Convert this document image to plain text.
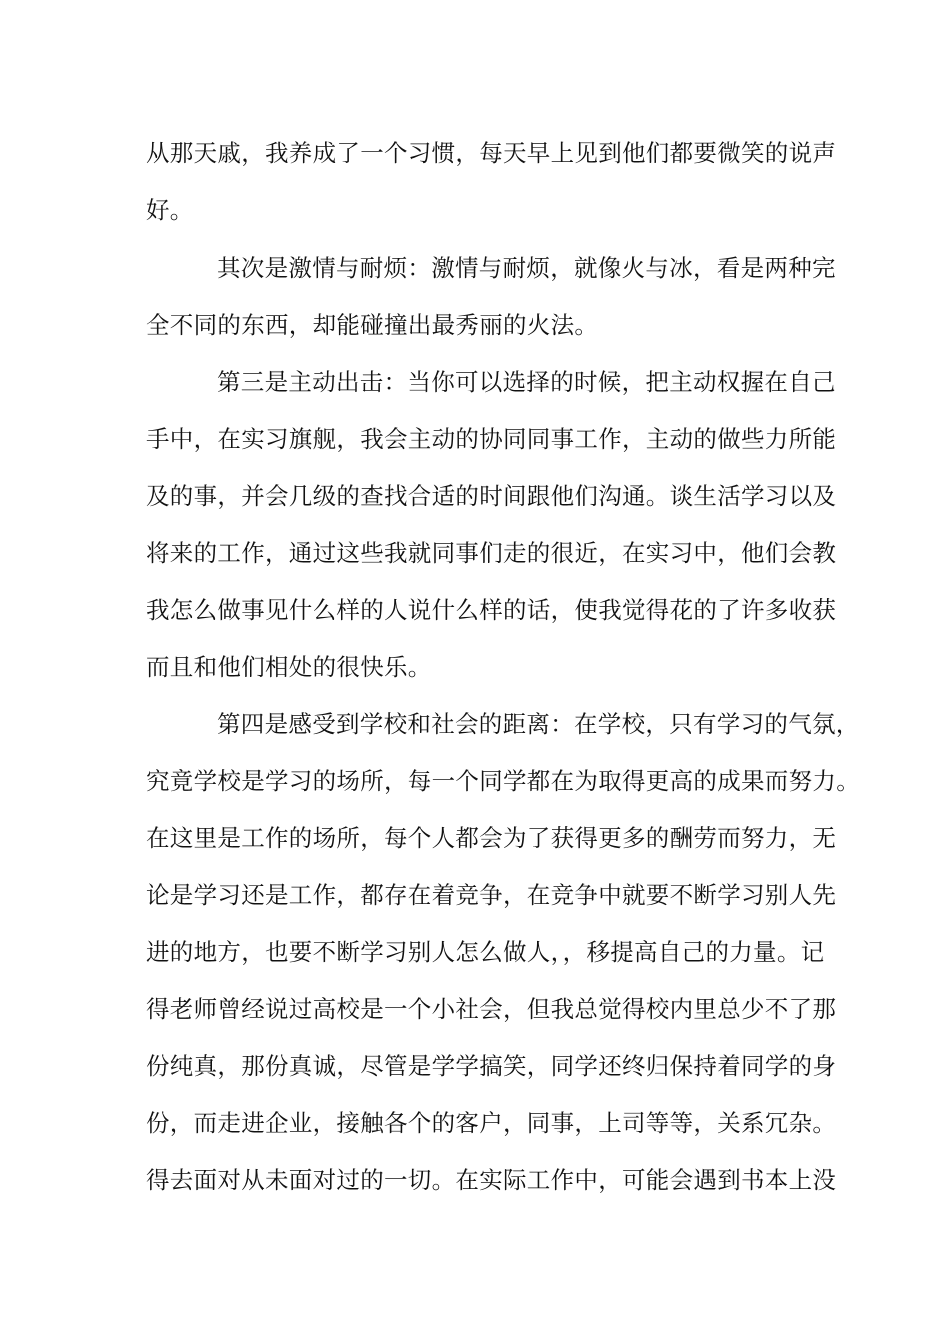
从那天戚，我养成了一个习惯，每天早上见到他们都要微笑的说声
好。
其次是激情与耐烦：激情与耐烦，就像火与冰，看是两种完
全不同的东西，却能碰撞出最秀丽的火法。
第三是主动出击：当你可以选择的时候，把主动权握在自己
手中，在实习旗舰，我会主动的协同同事工作，主动的做些力所能
及的事，并会几级的查找合适的时间跟他们沟通。谈生活学习以及
将来的工作，通过这些我就同事们走的很近，在实习中，他们会教
我怎么做事见什么样的人说什么样的话，使我觉得花的了许多收获
而且和他们相处的很快乐。
第四是感受到学校和社会的距离：在学校，只有学习的气氛，
究竟学校是学习的场所，每一个同学都在为取得更高的成果而努力。
在这里是工作的场所，每个人都会为了获得更多的酬劳而努力，无
论是学习还是工作，都存在着竞争，在竞争中就要不断学习别人先
进的地方，也要不断学习别人怎么做人，，移提高自己的力量。记
得老师曾经说过高校是一个小社会，但我总觉得校内里总少不了那
份纯真，那份真诚，尽管是学学搞笑，同学还终归保持着同学的身
份，而走进企业，接触各个的客户，同事，上司等等，关系冗杂。
得去面对从未面对过的一切。在实际工作中，可能会遇到书本上没
